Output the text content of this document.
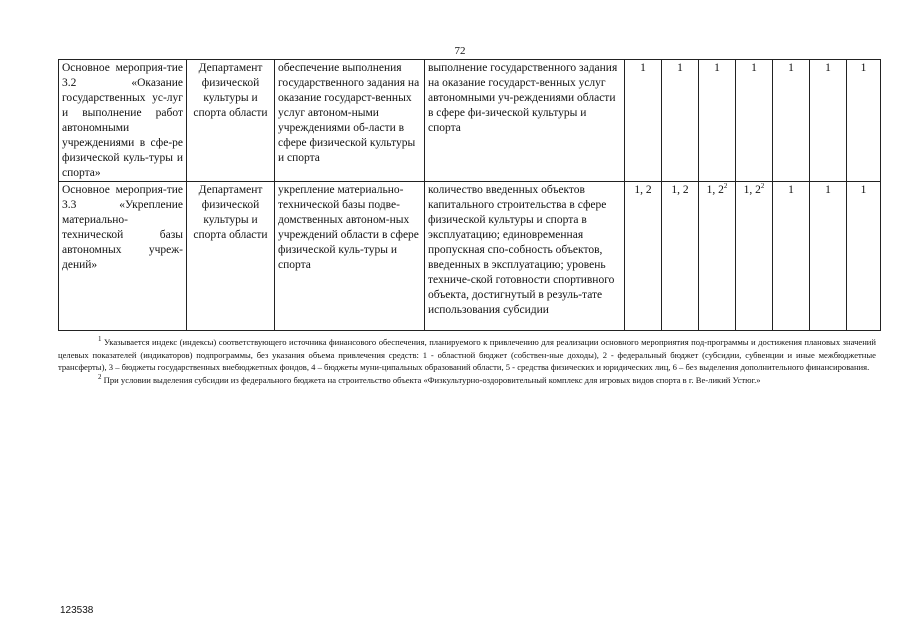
72
Основное мероприя-тие 3.2 «Оказание государственных ус-луг и выполнение работ автономными учреждениями в сфе-ре физической куль-туры и спорта»	Департамент физической культуры и спорта области	обеспечение выполнения государственного задания на оказание государст-венных услуг автоном-ными учреждениями об-ласти в сфере физической культуры и спорта	выполнение государственного задания на оказание государст-венных услуг автономными уч-реждениями области в сфере фи-зической культуры и спорта	1	1	1	1	1	1	1
Основное мероприя-тие 3.3 «Укрепление материально-технической базы автономных учреж-дений»	Департамент физической культуры и спорта области	укрепление материально-технической базы подве-домственных автоном-ных учреждений области в сфере физической куль-туры и спорта	количество введенных объектов капитального строительства в сфере физической культуры и спорта в эксплуатацию; единовременная пропускная спо-собность объектов, введенных в эксплуатацию; уровень техниче-ской готовности спортивного объекта, достигнутый в резуль-тате использования субсидии	1, 2	1, 2	1, $2^2$	1, $2^2$	1	1	1

$^1$ Указывается индекс (индексы) соответствующего источника финансового обеспечения, планируемого к привлечению для реализации основного мероприятия под-программы и достижения плановых значений целевых показателей (индикаторов) подпрограммы, без указания объема привлечения средств: 1 - областной бюджет (собствен-ные доходы), 2 - федеральный бюджет (субсидии, субвенции и иные межбюджетные трансферты), 3 – бюджеты государственных внебюджетных фондов, 4 – бюджеты муни-ципальных образований области, 5 - средства физических и юридических лиц, 6 – без выделения дополнительного финансирования.

$^2$ При условии выделения субсидии из федерального бюджета на строительство объекта «Физкультурно-оздоровительный комплекс для игровых видов спорта в г. Ве-ликий Устюг.»

123538
